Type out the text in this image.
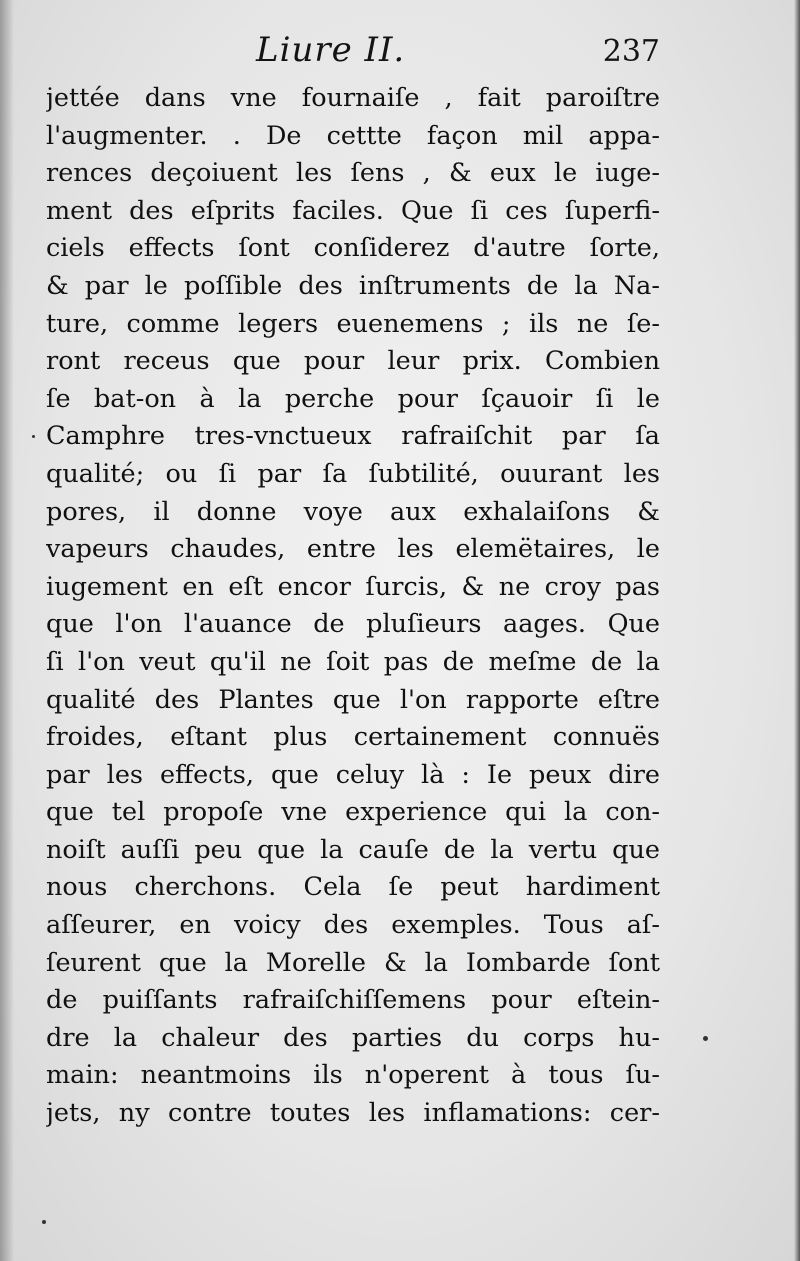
Liure II.	237
jettée dans vne fournaiſe , fait paroiſtre
l'augmenter. . De cettte façon mil appa-
rences deçoiuent les ſens , & eux le iuge-
ment des eſprits faciles. Que ſi ces ſuperfi-
ciels effects ſont conſiderez d'autre ſorte,
& par le poſſible des inſtruments de la Na-
ture, comme legers euenemens ; ils ne ſe-
ront receus que pour leur prix. Combien
ſe bat-on à la perche pour ſçauoir ſi le
Camphre tres-vnctueux rafraiſchit par ſa
qualité; ou ſi par ſa ſubtilité, ouurant les
pores, il donne voye aux exhalaiſons &
vapeurs chaudes, entre les elemëtaires, le
iugement en eſt encor ſurcis, & ne croy pas
que l'on l'auance de pluſieurs aages. Que
ſi l'on veut qu'il ne ſoit pas de meſme de la
qualité des Plantes que l'on rapporte eſtre
froides, eſtant plus certainement connuës
par les effects, que celuy là : Ie peux dire
que tel propoſe vne experience qui la con-
noiſt auſſi peu que la cauſe de la vertu que
nous cherchons. Cela ſe peut hardiment
aſſeurer, en voicy des exemples. Tous aſ-
ſeurent que la Morelle & la Iombarde ſont
de puiſſants rafraiſchiſſemens pour eſtein-
dre la chaleur des parties du corps hu-
main: neantmoins ils n'operent à tous ſu-
jets, ny contre toutes les inflamations: cer-
